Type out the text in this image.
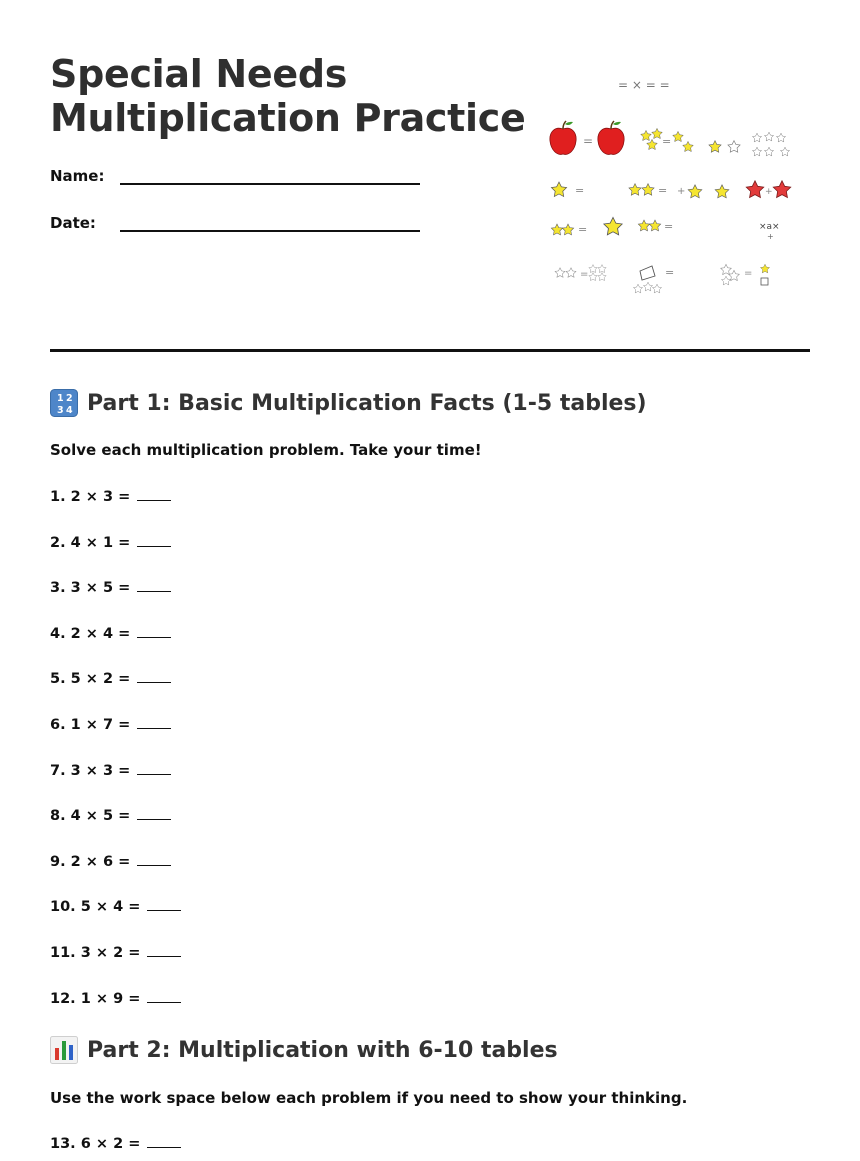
Special Needs
Multiplication Practice
Name:
Date:
= × = =
=	=
=	= +	+
=	=	×a×
+
=	=	=
1 2
3 4 Part 1: Basic Multiplication Facts (1-5 tables)

Solve each multiplication problem. Take your time!

1. 2 × 3 =
2. 4 × 1 =
3. 3 × 5 =
4. 2 × 4 =
5. 5 × 2 =
6. 1 × 7 =
7. 3 × 3 =
8. 4 × 5 =
9. 2 × 6 =
10. 5 × 4 =
11. 3 × 2 =
12. 1 × 9 =
Part 2: Multiplication with 6-10 tables

Use the work space below each problem if you need to show your thinking.

13. 6 × 2 =
